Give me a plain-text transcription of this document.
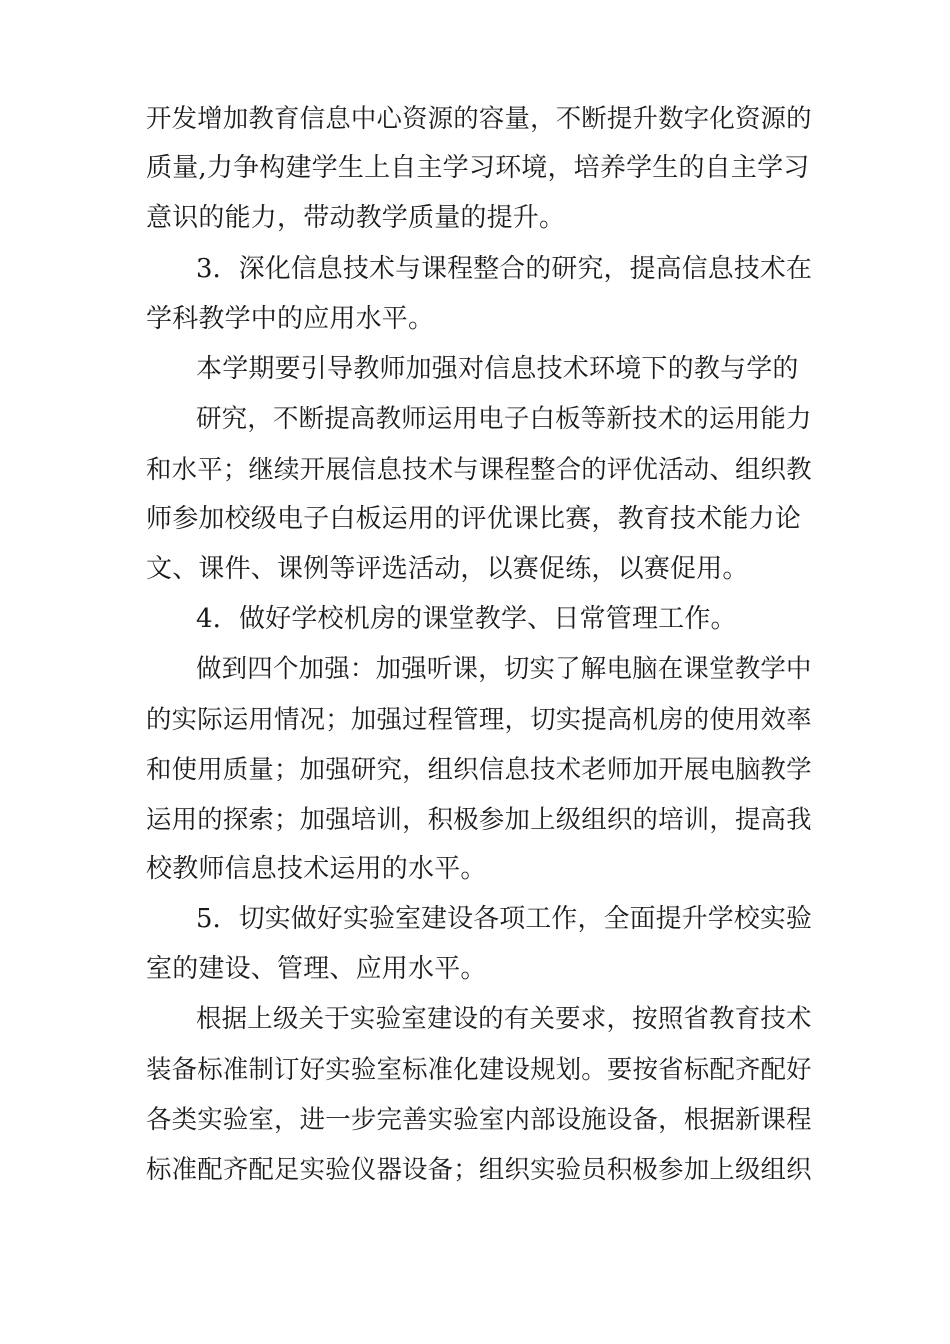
开发增加教育信息中心资源的容量，不断提升数字化资源的
质量,力争构建学生上自主学习环境，培养学生的自主学习
意识的能力，带动教学质量的提升。
3．深化信息技术与课程整合的研究，提高信息技术在
学科教学中的应用水平。
本学期要引导教师加强对信息技术环境下的教与学的
研究，不断提高教师运用电子白板等新技术的运用能力
和水平；继续开展信息技术与课程整合的评优活动、组织教
师参加校级电子白板运用的评优课比赛，教育技术能力论
文、课件、课例等评选活动，以赛促练，以赛促用。
4．做好学校机房的课堂教学、日常管理工作。
做到四个加强：加强听课，切实了解电脑在课堂教学中
的实际运用情况；加强过程管理，切实提高机房的使用效率
和使用质量；加强研究，组织信息技术老师加开展电脑教学
运用的探索；加强培训，积极参加上级组织的培训，提高我
校教师信息技术运用的水平。
5．切实做好实验室建设各项工作，全面提升学校实验
室的建设、管理、应用水平。
根据上级关于实验室建设的有关要求，按照省教育技术
装备标准制订好实验室标准化建设规划。要按省标配齐配好
各类实验室，进一步完善实验室内部设施设备，根据新课程
标准配齐配足实验仪器设备；组织实验员积极参加上级组织
